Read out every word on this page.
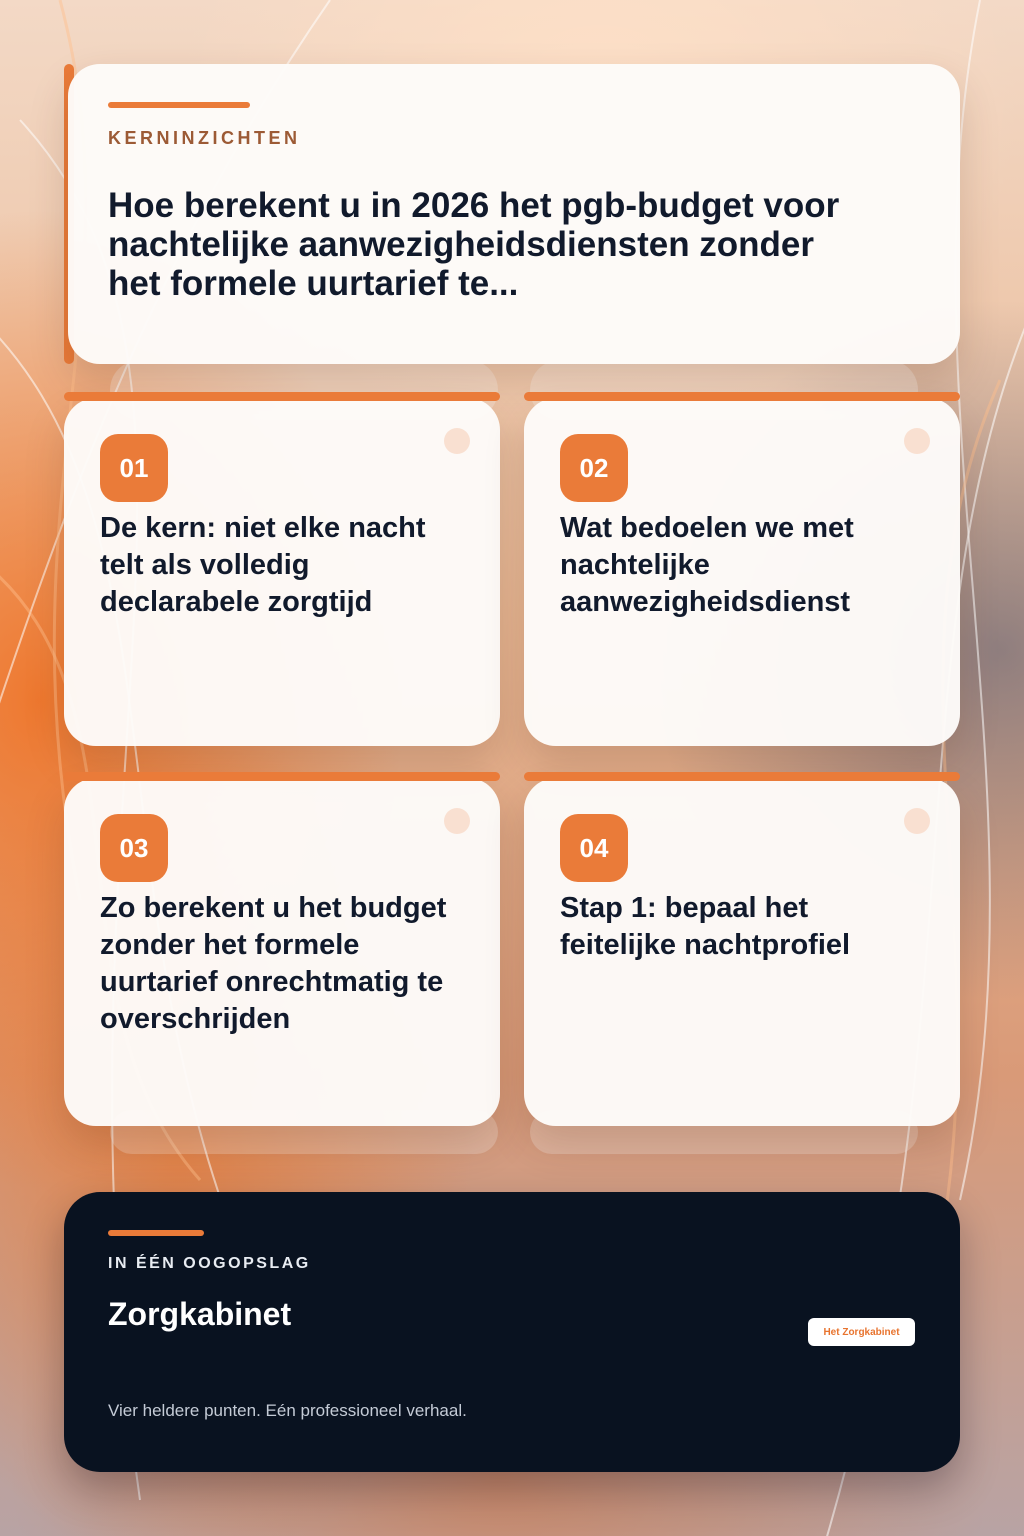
KERNINZICHTEN
Hoe berekent u in 2026 het pgb-budget voor nachtelijke aanwezigheidsdiensten zonder het formele uurtarief te...
01
De kern: niet elke nacht telt als volledig declarabele zorgtijd
02
Wat bedoelen we met nachtelijke aanwezigheidsdienst
03
Zo berekent u het budget zonder het formele uurtarief onrechtmatig te overschrijden
04
Stap 1: bepaal het feitelijke nachtprofiel
IN ÉÉN OOGOPSLAG
Zorgkabinet
Vier heldere punten. Eén professioneel verhaal.
Het Zorgkabinet
